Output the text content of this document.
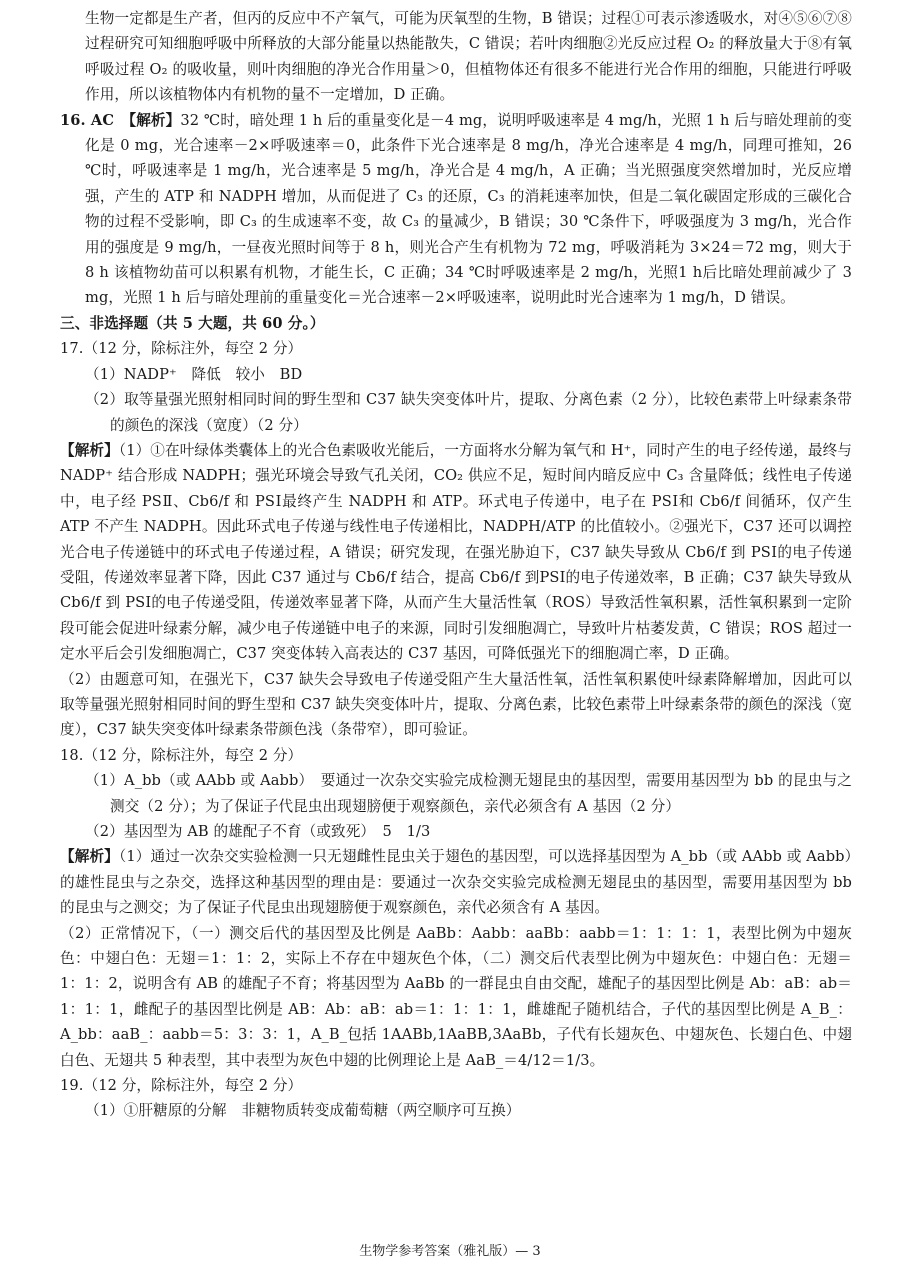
生物一定都是生产者，但丙的反应中不产氧气，可能为厌氧型的生物，B 错误；过程①可表示渗透吸水，对④⑤⑥⑦⑧过程研究可知细胞呼吸中所释放的大部分能量以热能散失，C 错误；若叶肉细胞②光反应过程 O₂ 的释放量大于⑧有氧呼吸过程 O₂ 的吸收量，则叶肉细胞的净光合作用量＞0，但植物体还有很多不能进行光合作用的细胞，只能进行呼吸作用，所以该植物体内有机物的量不一定增加，D 正确。

16. AC　【解析】32 ℃时，暗处理 1 h 后的重量变化是－4 mg，说明呼吸速率是 4 mg/h，光照 1 h 后与暗处理前的变化是 0 mg，光合速率－2×呼吸速率＝0，此条件下光合速率是 8 mg/h，净光合速率是 4 mg/h，同理可推知，26 ℃时，呼吸速率是 1 mg/h，光合速率是 5 mg/h，净光合是 4 mg/h，A 正确；当光照强度突然增加时，光反应增强，产生的 ATP 和 NADPH 增加，从而促进了 C₃ 的还原，C₃ 的消耗速率加快，但是二氧化碳固定形成的三碳化合物的过程不受影响，即 C₃ 的生成速率不变，故 C₃ 的量减少，B 错误；30 ℃条件下，呼吸强度为 3 mg/h，光合作用的强度是 9 mg/h，一昼夜光照时间等于 8 h，则光合产生有机物为 72 mg，呼吸消耗为 3×24＝72 mg，则大于 8 h 该植物幼苗可以积累有机物，才能生长，C 正确；34 ℃时呼吸速率是 2 mg/h，光照1 h后比暗处理前减少了 3 mg，光照 1 h 后与暗处理前的重量变化＝光合速率－2×呼吸速率，说明此时光合速率为 1 mg/h，D 错误。

三、非选择题（共 5 大题，共 60 分。）

17.（12 分，除标注外，每空 2 分）

（1）NADP⁺　降低　较小　BD

（2）取等量强光照射相同时间的野生型和 C37 缺失突变体叶片，提取、分离色素（2 分），比较色素带上叶绿素条带的颜色的深浅（宽度）（2 分）

【解析】（1）①在叶绿体类囊体上的光合色素吸收光能后，一方面将水分解为氧气和 H⁺，同时产生的电子经传递，最终与 NADP⁺ 结合形成 NADPH；强光环境会导致气孔关闭，CO₂ 供应不足，短时间内暗反应中 C₃ 含量降低；线性电子传递中，电子经 PSⅡ、Cb6/f 和 PSⅠ最终产生 NADPH 和 ATP。环式电子传递中，电子在 PSⅠ和 Cb6/f 间循环，仅产生 ATP 不产生 NADPH。因此环式电子传递与线性电子传递相比，NADPH/ATP 的比值较小。②强光下，C37 还可以调控光合电子传递链中的环式电子传递过程，A 错误；研究发现，在强光胁迫下，C37 缺失导致从 Cb6/f 到 PSⅠ的电子传递受阻，传递效率显著下降，因此 C37 通过与 Cb6/f 结合，提高 Cb6/f 到PSⅠ的电子传递效率，B 正确；C37 缺失导致从 Cb6/f 到 PSⅠ的电子传递受阻，传递效率显著下降，从而产生大量活性氧（ROS）导致活性氧积累，活性氧积累到一定阶段可能会促进叶绿素分解，减少电子传递链中电子的来源，同时引发细胞凋亡，导致叶片枯萎发黄，C 错误；ROS 超过一定水平后会引发细胞凋亡，C37 突变体转入高表达的 C37 基因，可降低强光下的细胞凋亡率，D 正确。

（2）由题意可知，在强光下，C37 缺失会导致电子传递受阻产生大量活性氧，活性氧积累使叶绿素降解增加，因此可以取等量强光照射相同时间的野生型和 C37 缺失突变体叶片，提取、分离色素，比较色素带上叶绿素条带的颜色的深浅（宽度），C37 缺失突变体叶绿素条带颜色浅（条带窄），即可验证。

18.（12 分，除标注外，每空 2 分）

（1）A_bb（或 AAbb 或 Aabb）　要通过一次杂交实验完成检测无翅昆虫的基因型，需要用基因型为 bb 的昆虫与之测交（2 分）；为了保证子代昆虫出现翅膀便于观察颜色，亲代必须含有 A 基因（2 分）

（2）基因型为 AB 的雄配子不育（或致死）　5　1/3

【解析】（1）通过一次杂交实验检测一只无翅雌性昆虫关于翅色的基因型，可以选择基因型为 A_bb（或 AAbb 或 Aabb）的雄性昆虫与之杂交，选择这种基因型的理由是：要通过一次杂交实验完成检测无翅昆虫的基因型，需要用基因型为 bb 的昆虫与之测交；为了保证子代昆虫出现翅膀便于观察颜色，亲代必须含有 A 基因。

（2）正常情况下，（一）测交后代的基因型及比例是 AaBb：Aabb：aaBb：aabb＝1：1：1：1，表型比例为中翅灰色：中翅白色：无翅＝1：1：2，实际上不存在中翅灰色个体，（二）测交后代表型比例为中翅灰色：中翅白色：无翅＝1：1：2，说明含有 AB 的雄配子不育；将基因型为 AaBb 的一群昆虫自由交配，雄配子的基因型比例是 Ab：aB：ab＝1：1：1，雌配子的基因型比例是 AB：Ab：aB：ab＝1：1：1：1，雌雄配子随机结合，子代的基因型比例是 A_B_：A_bb：aaB_：aabb＝5：3：3：1，A_B_包括 1AABb,1AaBB,3AaBb，子代有长翅灰色、中翅灰色、长翅白色、中翅白色、无翅共 5 种表型，其中表型为灰色中翅的比例理论上是 AaB_＝4/12＝1/3。

19.（12 分，除标注外，每空 2 分）

（1）①肝糖原的分解　非糖物质转变成葡萄糖（两空顺序可互换）

生物学参考答案（雅礼版）— 3
